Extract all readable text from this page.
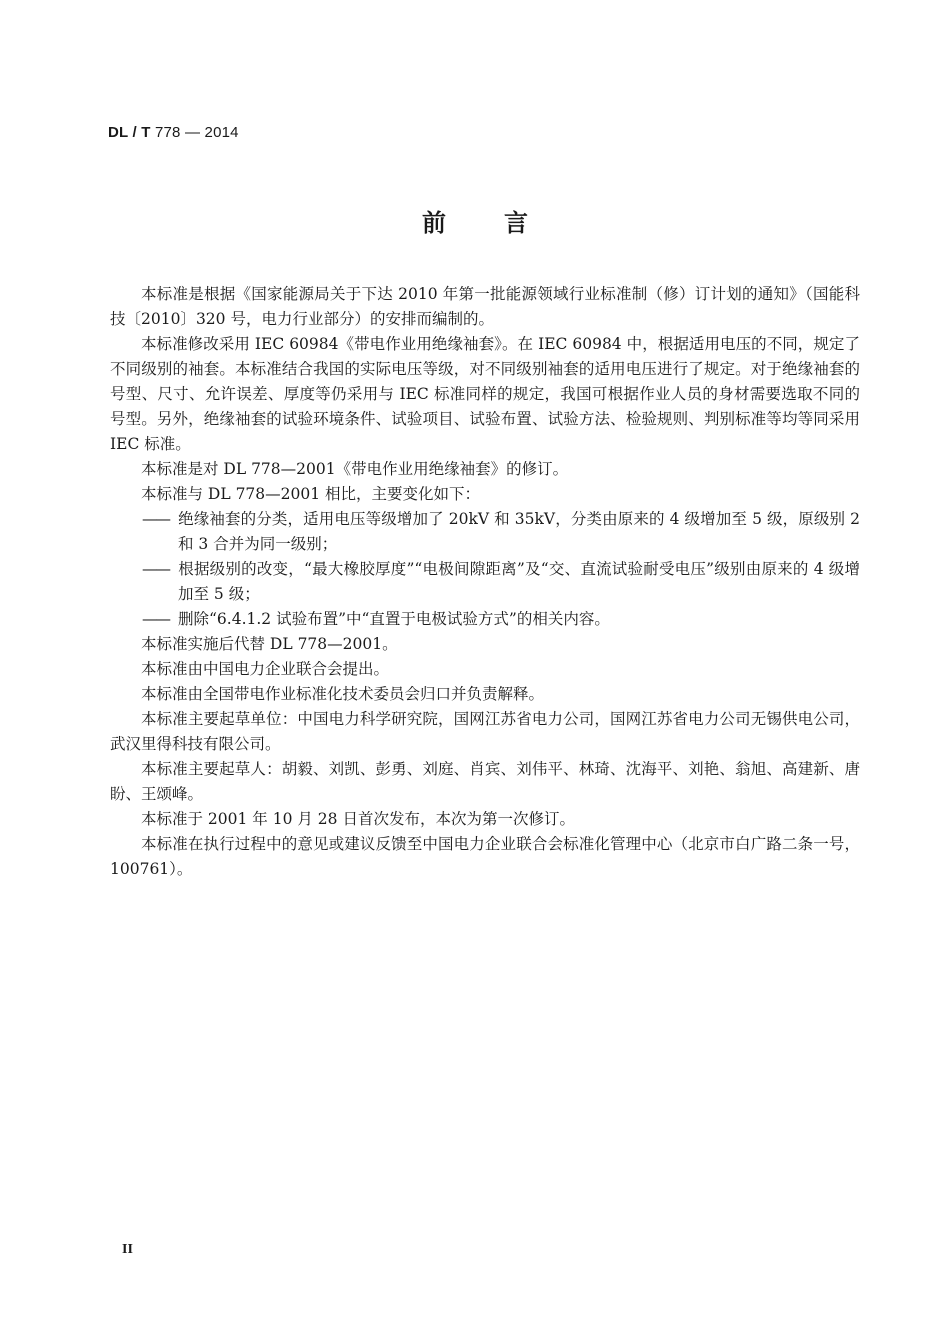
DL / T 778 — 2014
前言

本标准是根据《国家能源局关于下达 2010 年第一批能源领域行业标准制（修）订计划的通知》（国能科技〔2010〕320 号，电力行业部分）的安排而编制的。

本标准修改采用 IEC 60984《带电作业用绝缘袖套》。在 IEC 60984 中，根据适用电压的不同，规定了不同级别的袖套。本标准结合我国的实际电压等级，对不同级别袖套的适用电压进行了规定。对于绝缘袖套的号型、尺寸、允许误差、厚度等仍采用与 IEC 标准同样的规定，我国可根据作业人员的身材需要选取不同的号型。另外，绝缘袖套的试验环境条件、试验项目、试验布置、试验方法、检验规则、判别标准等均等同采用 IEC 标准。

本标准是对 DL 778—2001《带电作业用绝缘袖套》的修订。

本标准与 DL 778—2001 相比，主要变化如下：

—— 绝缘袖套的分类，适用电压等级增加了 20kV 和 35kV，分类由原来的 4 级增加至 5 级，原级别 2 和 3 合并为同一级别；
—— 根据级别的改变，“最大橡胶厚度”“电极间隙距离”及“交、直流试验耐受电压”级别由原来的 4 级增加至 5 级；
—— 删除“6.4.1.2 试验布置”中“直置于电极试验方式”的相关内容。

本标准实施后代替 DL 778—2001。

本标准由中国电力企业联合会提出。

本标准由全国带电作业标准化技术委员会归口并负责解释。

本标准主要起草单位：中国电力科学研究院，国网江苏省电力公司，国网江苏省电力公司无锡供电公司，武汉里得科技有限公司。

本标准主要起草人：胡毅、刘凯、彭勇、刘庭、肖宾、刘伟平、林琦、沈海平、刘艳、翁旭、高建新、唐盼、王颂峰。

本标准于 2001 年 10 月 28 日首次发布，本次为第一次修订。

本标准在执行过程中的意见或建议反馈至中国电力企业联合会标准化管理中心（北京市白广路二条一号，100761）。

II
